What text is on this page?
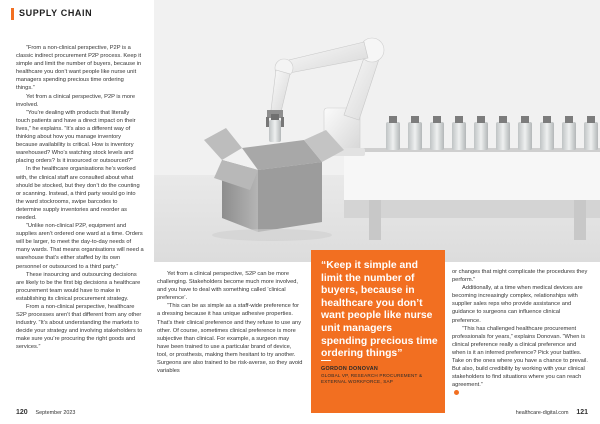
SUPPLY CHAIN

“From a non-clinical perspective, P2P is a classic indirect procurement P2P process. Keep it simple and limit the number of buyers, because in healthcare you don’t want people like nurse unit managers spending precious time ordering things.”

Yet from a clinical perspective, P2P is more involved.

“You’re dealing with products that literally touch patients and have a direct impact on their lives,” he explains. “It’s also a different way of thinking about how you manage inventory because availability is critical. How is inventory warehoused? Who’s watching stock levels and placing orders? Is it insourced or outsourced?”

In the healthcare organisations he’s worked with, the clinical staff are consulted about what should be stocked, but they don’t do the counting or scanning. Instead, a third party would go into the ward stockrooms, swipe barcodes to determine supply inventories and reorder as needed.

“Unlike non-clinical P2P, equipment and supplies aren’t ordered one ward at a time. Orders will be larger, to meet the day-to-day needs of many wards. That means organisations will need a warehouse that’s either staffed by its own personnel or outsourced to a third party.”

These insourcing and outsourcing decisions are likely to be the first big decisions a healthcare procurement team would have to make in establishing its clinical procurement strategy.

From a non-clinical perspective, healthcare S2P processes aren’t that different from any other industry. “It’s about understanding the markets to decide your strategy and involving stakeholders to make sure you’re procuring the right goods and services.”

Yet from a clinical perspective, S2P can be more challenging. Stakeholders become much more involved, and you have to deal with something called ‘clinical preference’.

“This can be as simple as a staff-wide preference for a dressing because it has unique adhesive properties. That’s their clinical preference and they refuse to use any other. Of course, sometimes clinical preference is more subjective than clinical. For example, a surgeon may have been trained to use a particular brand of device, tool, or prosthesis, making them hesitant to try another. Surgeons are also trained to be risk-averse, so they avoid variables

“Keep it simple and limit the number of buyers, because in healthcare you don’t want people like nurse unit managers spending precious time ordering things”
GORDON DONOVAN
GLOBAL VP, RESEARCH PROCUREMENT & EXTERNAL WORKFORCE, SAP

or changes that might complicate the procedures they perform.”

Additionally, at a time when medical devices are becoming increasingly complex, relationships with supplier sales reps who provide assistance and guidance to surgeons can influence clinical preference.

“This has challenged healthcare procurement professionals for years,” explains Donovan. “When is clinical preference really a clinical preference and when is it an inferred preference? Pick your battles. Take on the ones where you have a chance to prevail. But also, build credibility by working with your clinical stakeholders to find situations where you can reach agreement.”

120 September 2023	healthcare-digital.com 121
